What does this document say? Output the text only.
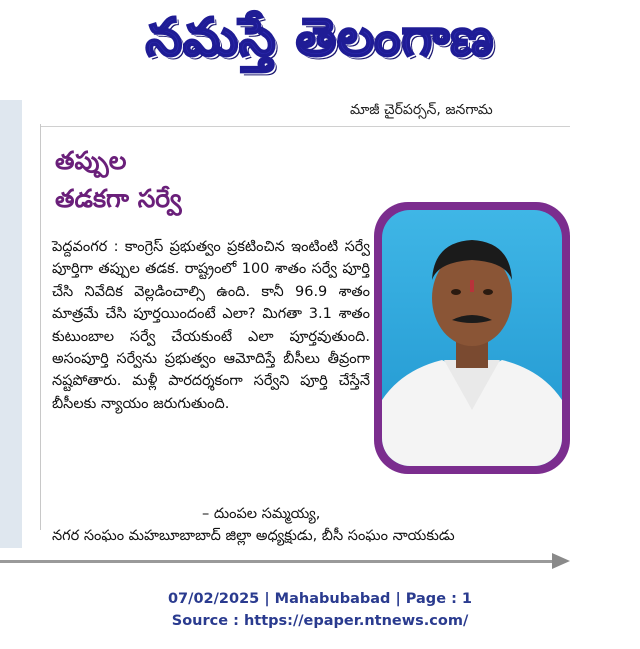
నమస్తే తెలంగాణ
మాజీ చైర్‌పర్సన్, జనగామ
తప్పుల
తడకగా సర్వే
పెద్దవంగర : కాంగ్రెస్ ప్రభుత్వం ప్రకటించిన ఇంటింటి సర్వే పూర్తిగా తప్పుల తడక. రాష్ట్రంలో 100 శాతం సర్వే పూర్తి చేసి నివేదిక వెల్లడించాల్సి ఉంది. కానీ 96.9 శాతం మాత్రమే చేసి పూర్తయిందంటే ఎలా? మిగతా 3.1 శాతం కుటుంబాల సర్వే చేయకుంటే ఎలా పూర్తవుతుంది. అసంపూర్తి సర్వేను ప్రభుత్వం ఆమోదిస్తే బీసీలు తీవ్రంగా నష్టపోతారు. మళ్లీ పారదర్శకంగా సర్వేని పూర్తి చేస్తేనే బీసీలకు న్యాయం జరుగుతుంది.
– దుంపల సమ్మయ్య,
నగర సంఘం మహబూబాబాద్ జిల్లా అధ్యక్షుడు, బీసీ సంఘం నాయకుడు
07/02/2025 | Mahabubabad | Page : 1
Source : https://epaper.ntnews.com/
